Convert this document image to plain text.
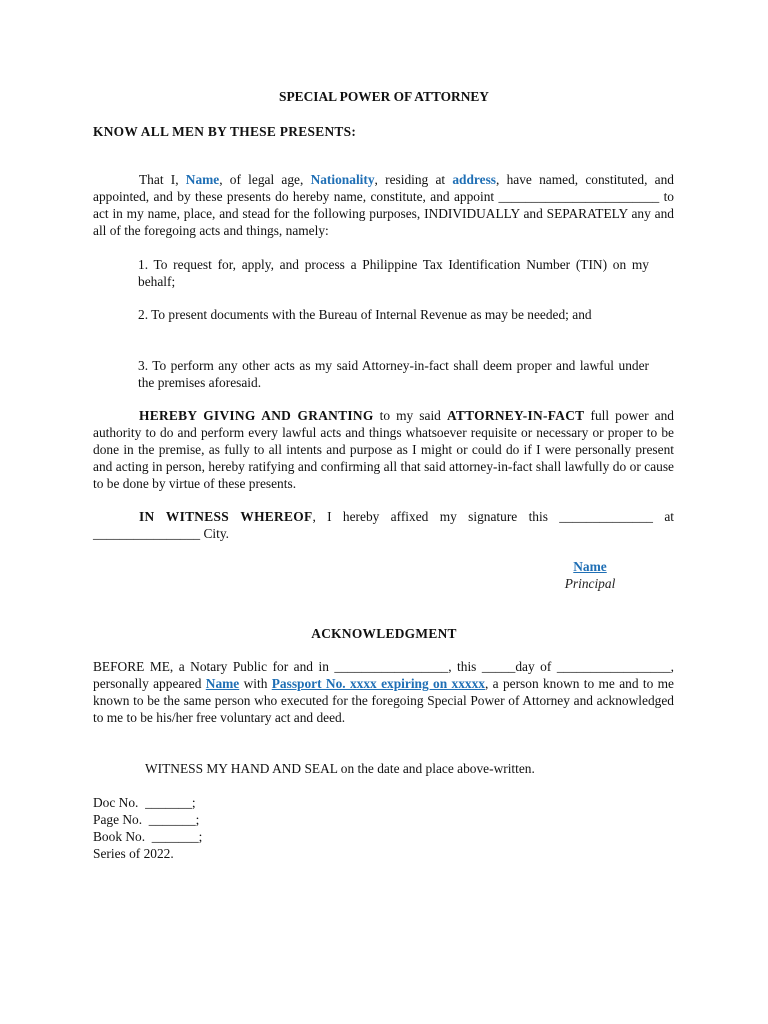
SPECIAL POWER OF ATTORNEY
KNOW ALL MEN BY THESE PRESENTS:

That I, Name, of legal age, Nationality, residing at address, have named, constituted, and appointed, and by these presents do hereby name, constitute, and appoint ________________________ to act in my name, place, and stead for the following purposes, INDIVIDUALLY and SEPARATELY any and all of the foregoing acts and things, namely:

1. To request for, apply, and process a Philippine Tax Identification Number (TIN) on my behalf;

2. To present documents with the Bureau of Internal Revenue as may be needed; and

3. To perform any other acts as my said Attorney-in-fact shall deem proper and lawful under the premises aforesaid.

HEREBY GIVING AND GRANTING to my said ATTORNEY-IN-FACT full power and authority to do and perform every lawful acts and things whatsoever requisite or necessary or proper to be done in the premise, as fully to all intents and purpose as I might or could do if I were personally present and acting in person, hereby ratifying and confirming all that said attorney-in-fact shall lawfully do or cause to be done by virtue of these presents.

IN WITNESS WHEREOF, I hereby affixed my signature this ______________ at ________________ City.

Name
Principal
ACKNOWLEDGMENT

BEFORE ME, a Notary Public for and in _________________, this _____day of _________________, personally appeared Name with Passport No. xxxx expiring on xxxxx, a person known to me and to me known to be the same person who executed for the foregoing Special Power of Attorney and acknowledged        to me to be his/her free voluntary act and deed.

WITNESS MY HAND AND SEAL on the date and place above-written.
Doc No.  _______;
Page No.  _______;
Book No.  _______;
Series of 2022.
